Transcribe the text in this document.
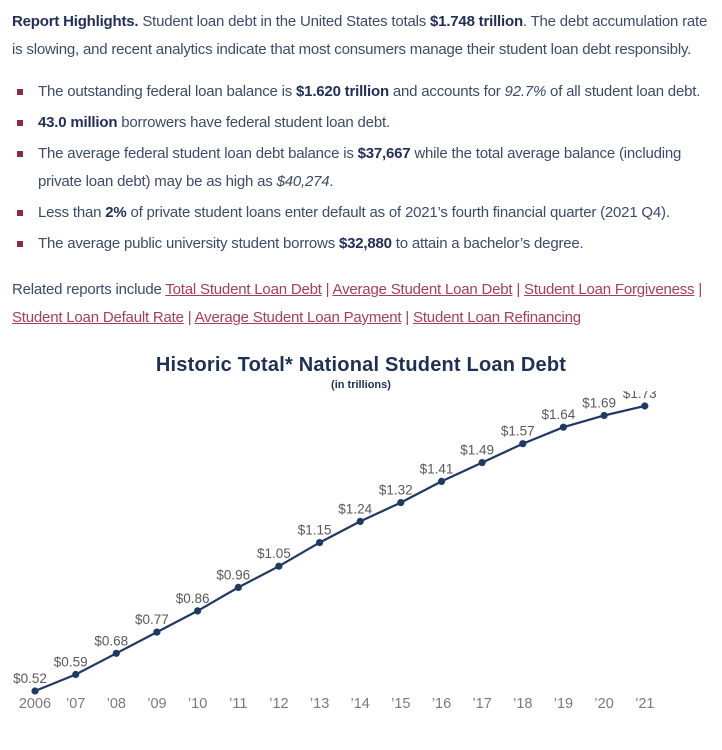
Report Highlights. Student loan debt in the United States totals $1.748 trillion. The debt accumulation rate is slowing, and recent analytics indicate that most consumers manage their student loan debt responsibly.

The outstanding federal loan balance is $1.620 trillion and accounts for 92.7% of all student loan debt.
43.0 million borrowers have federal student loan debt.
The average federal student loan debt balance is $37,667 while the total average balance (including private loan debt) may be as high as $40,274.
Less than 2% of private student loans enter default as of 2021’s fourth financial quarter (2021 Q4).
The average public university student borrows $32,880 to attain a bachelor’s degree.

Related reports include Total Student Loan Debt | Average Student Loan Debt | Student Loan Forgiveness | Student Loan Default Rate | Average Student Loan Payment | Student Loan Refinancing

Historic Total* National Student Loan Debt
(in trillions)
$0.52
2006
$0.59
’07
$0.68
’08
$0.77
’09
$0.86
’10
$0.96
’11
$1.05
’12
$1.15
’13
$1.24
’14
$1.32
’15
$1.41
’16
$1.49
’17
$1.57
’18
$1.64
’19
$1.69
’20
$1.73
’21
